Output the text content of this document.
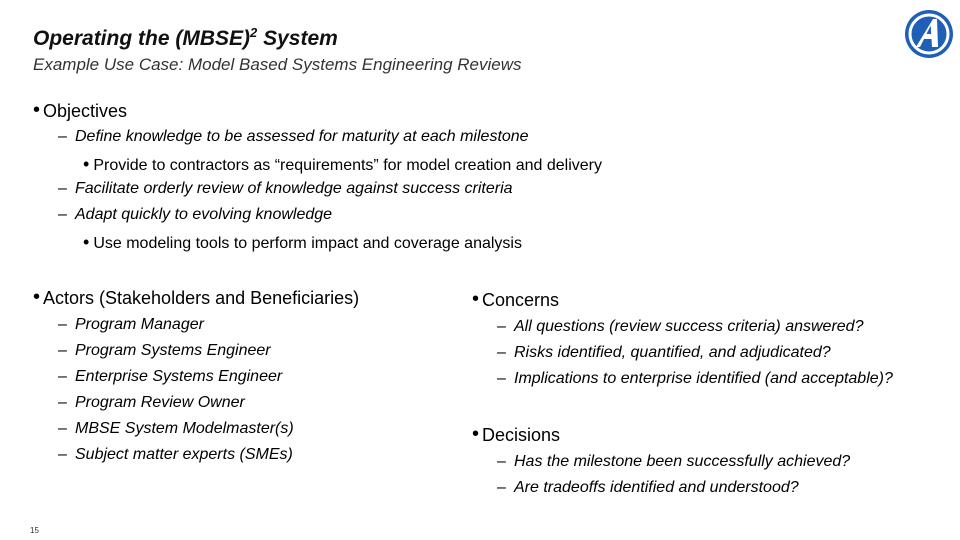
Operating the (MBSE)$^2$ System
Example Use Case: Model Based Systems Engineering Reviews
• Objectives
– Define knowledge to be assessed for maturity at each milestone
• Provide to contractors as “requirements” for model creation and delivery
– Facilitate orderly review of knowledge against success criteria
– Adapt quickly to evolving knowledge
• Use modeling tools to perform impact and coverage analysis
• Actors (Stakeholders and Beneficiaries)
– Program Manager
– Program Systems Engineer
– Enterprise Systems Engineer
– Program Review Owner
– MBSE System Modelmaster(s)
– Subject matter experts (SMEs)
• Concerns
– All questions (review success criteria) answered?
– Risks identified, quantified, and adjudicated?
– Implications to enterprise identified (and acceptable)?
• Decisions
– Has the milestone been successfully achieved?
– Are tradeoffs identified and understood?
15
